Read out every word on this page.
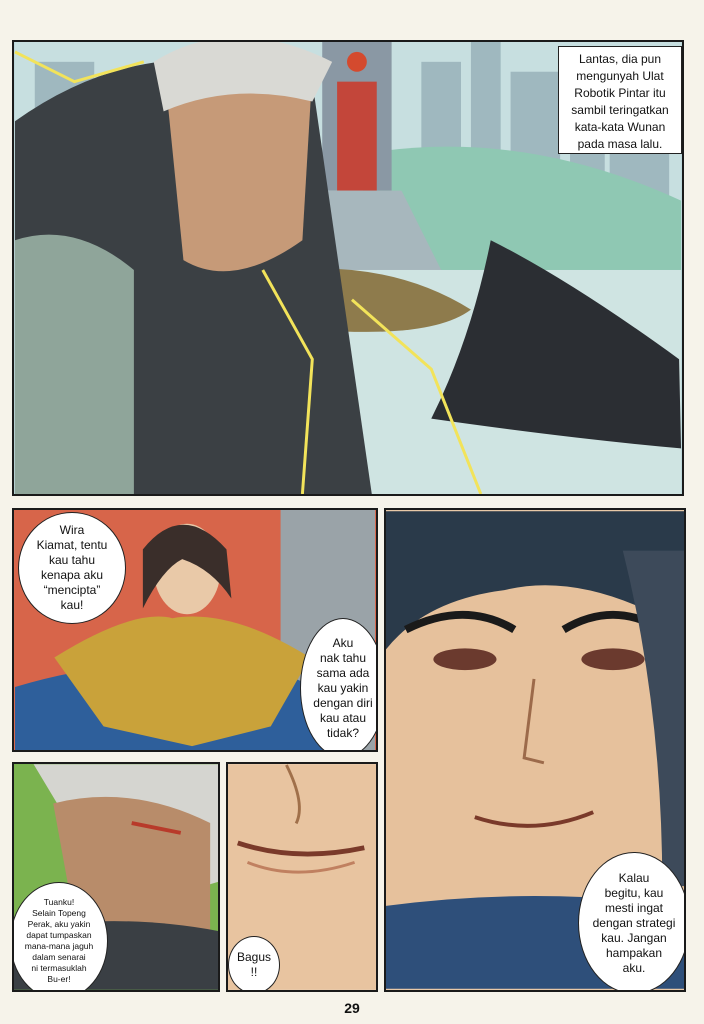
Lantas, dia pun
mengunyah Ulat
Robotik Pintar itu
sambil teringatkan
kata-kata Wunan
pada masa lalu.
Wira
Kiamat, tentu
kau tahu
kenapa aku
“mencipta”
kau!
Aku
nak tahu
sama ada
kau yakin
dengan diri
kau atau
tidak?
Kalau
begitu, kau
mesti ingat
dengan strategi
kau. Jangan
hampakan
aku.
Tuanku!
Selain Topeng
Perak, aku yakin
dapat tumpaskan
mana-mana jaguh
dalam senarai
ni termasuklah
Bu-er!
Bagus
!!
29
